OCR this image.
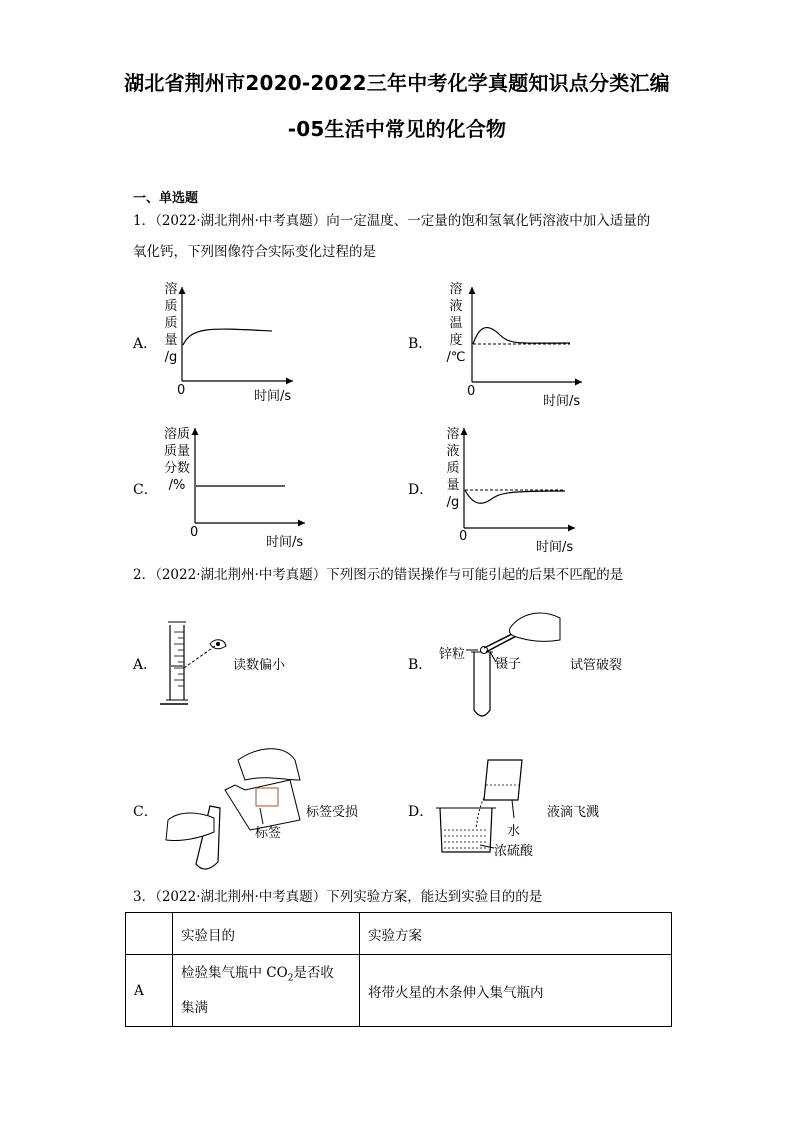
湖北省荆州市2020-2022三年中考化学真题知识点分类汇编
-05生活中常见的化合物
一、单选题
1．（2022·湖北荆州·中考真题）向一定温度、一定量的饱和氢氧化钙溶液中加入适量的
氧化钙，下列图像符合实际变化过程的是
A．
溶
质
质
量
/g
0	时间/s
B．
溶
液
温
度
/℃
0
时间/s
C．
溶质
质量
分数
/%
0
时间/s
D．
溶
液
质
量
/g
0
时间/s
2．（2022·湖北荆州·中考真题）下列图示的错误操作与可能引起的后果不匹配的是
A．	读数偏小	B．
锌粒
镊子	试管破裂
C．
标签
标签受损	D．
水
浓硫酸
液滴飞溅
3．（2022·湖北荆州·中考真题）下列实验方案，能达到实验目的的是
	实验目的	实验方案
A	检验集气瓶中 $CO_2$是否收
集满	将带火星的木条伸入集气瓶内
